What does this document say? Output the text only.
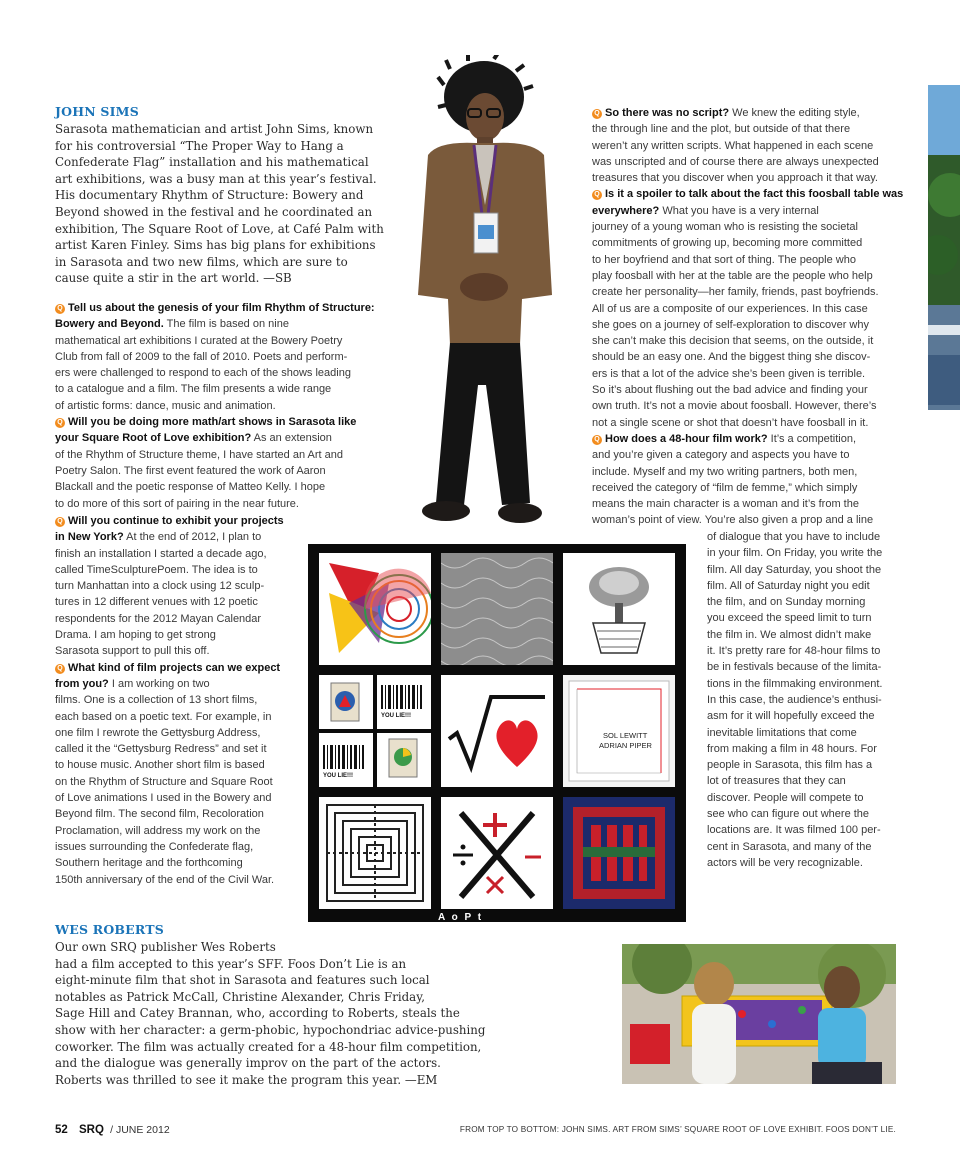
JOHN SIMS
Sarasota mathematician and artist John Sims, known
for his controversial “The Proper Way to Hang a
Confederate Flag” installation and his mathematical
art exhibitions, was a busy man at this year’s festival.
His documentary Rhythm of Structure: Bowery and
Beyond showed in the festival and he coordinated an
exhibition, The Square Root of Love, at Café Palm with
artist Karen Finley. Sims has big plans for exhibitions
in Sarasota and two new films, which are sure to
cause quite a stir in the art world. —SB
Q Tell us about the genesis of your film Rhythm of Structure: Bowery and Beyond. The film is based on nine
mathematical art exhibitions I curated at the Bowery Poetry
Club from fall of 2009 to the fall of 2010. Poets and perform-
ers were challenged to respond to each of the shows leading
to a catalogue and a film. The film presents a wide range
of artistic forms: dance, music and animation.
Q Will you be doing more math/art shows in Sarasota like your Square Root of Love exhibition? As an extension
of the Rhythm of Structure theme, I have started an Art and
Poetry Salon. The first event featured the work of Aaron
Blackall and the poetic response of Matteo Kelly. I hope
to do more of this sort of pairing in the near future.
Q Will you continue to exhibit your projects in New York? At the end of 2012, I plan to
finish an installation I started a decade ago,
called TimeSculpturePoem. The idea is to
turn Manhattan into a clock using 12 sculp-
tures in 12 different venues with 12 poetic
respondents for the 2012 Mayan Calendar
Drama. I am hoping to get strong
Sarasota support to pull this off.
Q What kind of film projects can we expect from you? I am working on two
films. One is a collection of 13 short films,
each based on a poetic text. For example, in
one film I rewrote the Gettysburg Address,
called it the “Gettysburg Redress” and set it
to house music. Another short film is based
on the Rhythm of Structure and Square Root
of Love animations I used in the Bowery and
Beyond film. The second film, Recoloration
Proclamation, will address my work on the
issues surrounding the Confederate flag,
Southern heritage and the forthcoming
150th anniversary of the end of the Civil War.
Q So there was no script? We knew the editing style,
the through line and the plot, but outside of that there
weren’t any written scripts. What happened in each scene
was unscripted and of course there are always unexpected
treasures that you discover when you approach it that way.
Q Is it a spoiler to talk about the fact this foosball table was everywhere? What you have is a very internal
journey of a young woman who is resisting the societal
commitments of growing up, becoming more committed
to her boyfriend and that sort of thing. The people who
play foosball with her at the table are the people who help
create her personality—her family, friends, past boyfriends.
All of us are a composite of our experiences. In this case
she goes on a journey of self-exploration to discover why
she can’t make this decision that seems, on the outside, it
should be an easy one. And the biggest thing she discov-
ers is that a lot of the advice she’s been given is terrible.
So it’s about flushing out the bad advice and finding your
own truth. It’s not a movie about foosball. However, there’s
not a single scene or shot that doesn’t have foosball in it.
Q How does a 48-hour film work? It’s a competition,
and you’re given a category and aspects you have to
include. Myself and my two writing partners, both men,
received the category of “film de femme,” which simply
means the main character is a woman and it’s from the
woman’s point of view. You’re also given a prop and a line
of dialogue that you have to include
in your film. On Friday, you write the
film. All day Saturday, you shoot the
film. All of Saturday night you edit
the film, and on Sunday morning
you exceed the speed limit to turn
the film in. We almost didn’t make
it. It’s pretty rare for 48-hour films to
be in festivals because of the limita-
tions in the filmmaking environment.
In this case, the audience’s enthusi-
asm for it will hopefully exceed the
inevitable limitations that come
from making a film in 48 hours. For
people in Sarasota, this film has a
lot of treasures that they can
discover. People will compete to
see who can figure out where the
locations are. It was filmed 100 per-
cent in Sarasota, and many of the
actors will be very recognizable.
YOU LIE!!!
YOU LIE!!!
SOL LEWITT
ADRIAN PIPER
A o P t
WES ROBERTS
Our own SRQ publisher Wes Roberts
had a film accepted to this year’s SFF. Foos Don’t Lie is an
eight-minute film that shot in Sarasota and features such local
notables as Patrick McCall, Christine Alexander, Chris Friday,
Sage Hill and Catey Brannan, who, according to Roberts, steals the
show with her character: a germ-phobic, hypochondriac advice-pushing
coworker. The film was actually created for a 48-hour film competition,
and the dialogue was generally improv on the part of the actors.
Roberts was thrilled to see it make the program this year. —EM
52 SRQ / JUNE 2012	FROM TOP TO BOTTOM: JOHN SIMS. ART FROM SIMS’ SQUARE ROOT OF LOVE EXHIBIT. FOOS DON’T LIE.
